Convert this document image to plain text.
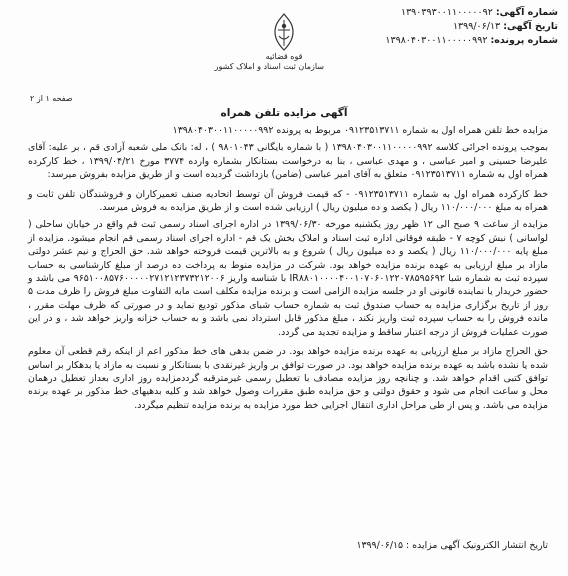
شماره آگهی: ۱۳۹۰۳۹۳۰۰۱۱۰۰۰۰۰۹۲
تاریخ آگهی: ۱۳۹۹/۰۶/۱۳
شماره پرونده: ۱۳۹۸۰۴۰۳۰۰۱۱۰۰۰۰۰۹۹۲
قوه قضائیه
سازمان ثبت اسناد و املاک کشور
صفحه ۱ از ۲
آگهی مزایده تلفن همراه

مزایده خط تلفن همراه اول به شماره ۰۹۱۲۳۵۱۳۷۱۱ مربوط به پرونده ۱۳۹۸۰۴۰۳۰۰۱۱۰۰۰۰۰۹۹۲

بموجب پرونده اجرائی کلاسه ۱۳۹۸۰۴۰۳۰۰۱۱۰۰۰۰۰۹۹۲ ( با شماره بایگانی ۹۸۰۱۰۴۳ ) ، له: بانک ملی شعبه آزادی قم ، بر علیه: آقای علیرضا حسینی و امیر عباسی ، و مهدی عباسی ، بنا به درخواست بستانکار بشماره وارده ۳۷۷۴ مورخ ۱۳۹۹/۰۴/۲۱ ، خط کارکرده همراه اول به شماره ۰۹۱۲۳۵۱۳۷۱۱ متعلق به آقای امیر عباسی (ضامن) بازداشت گردیده است و از طریق مزایده بفروش میرسد:

خط کارکرده همراه اول به شماره ۰۹۱۲۳۵۱۳۷۱۱ - که قیمت فروش آن توسط اتحادیه صنف تعمیرکاران و فروشندگان تلفن ثابت و همراه به مبلغ ۱۱۰/۰۰۰/۰۰۰ ریال ( یکصد و ده میلیون ریال ) ارزیابی شده است و از طریق مزایده به فروش میرسد.

مزایده از ساعت ۹ صبح الی ۱۲ ظهر روز یکشنبه مورخه ۱۳۹۹/۰۶/۳۰ در اداره اجرای اسناد رسمی ثبت قم واقع در خیابان ساحلی ( لواسانی ) نبش کوچه ۷ - طبقه فوقانی اداره ثبت اسناد و املاک بخش یک قم - اداره اجرای اسناد رسمی قم انجام میشود. مزایده از مبلغ پایه ۱۱۰/۰۰۰/۰۰۰ ریال ( یکصد و ده میلیون ریال ) شروع و به بالاترین قیمت فروخته خواهد شد. حق الحراج و نیم عشر دولتی مازاد بر مبلغ ارزیابی به عهده برنده مزایده خواهد بود. شرکت در مزایده منوط به پرداخت ده درصد از مبلغ کارشناسی به حساب سپرده ثبت به شماره شبا IR۸۸۰۱۰۰۰۰۴۰۰۱۰۷۰۶۰۱۲۲۰۷۸۵۹۵۶۹۲ با شناسه واریز ۹۶۵۱۰۰۸۵۷۶۰۰۰۰۰۲۷۱۲۱۲۳۷۳۲۱۲۰۰۶ می باشد و حضور خریدار یا نماینده قانونی او در جلسه مزایده الزامی است و برنده مزایده مکلف است مابه التفاوت مبلغ فروش را ظرف مدت ۵ روز از تاریخ برگزاری مزایده به حساب صندوق ثبت به شماره حساب شبای مذکور تودیع نماید و در صورتی که ظرف مهلت مقرر ، مانده فروش را به حساب سپرده ثبت واریز نکند ، مبلغ مذکور قابل استرداد نمی باشد و به حساب خزانه واریز خواهد شد ، و در این صورت عملیات فروش از درجه اعتبار ساقط و مزایده تجدید می گردد.

حق الحراج مازاد بر مبلغ ارزیابی به عهده برنده مزایده خواهد بود. در ضمن بدهی های خط مذکور اعم از اینکه رقم قطعی آن معلوم شده یا نشده باشد به عهده برنده مزایده خواهد بود. در صورت توافق بر واریز غیرنقدی با بستانکار و نسبت به مازاد یا بدهکار بر اساس توافق کتبی اقدام خواهد شد. و چنانچه روز مزایده مصادف با تعطیل رسمی غیرمترقبه گرددمزایده روز اداری بعداز تعطیل درهمان محل و ساعت انجام می شود و حقوق دولتی و حق مزایده طبق مقررات وصول خواهد شد و کلیه بدهیهای خط مذکور بر عهده برنده مزایده می باشد. و پس از طی مراحل اداری انتقال اجرایی خط مورد مزایده به برنده مزایده تنظیم میگردد.

تاریخ انتشار الکترونیک آگهی مزایده : ۱۳۹۹/۰۶/۱۵
